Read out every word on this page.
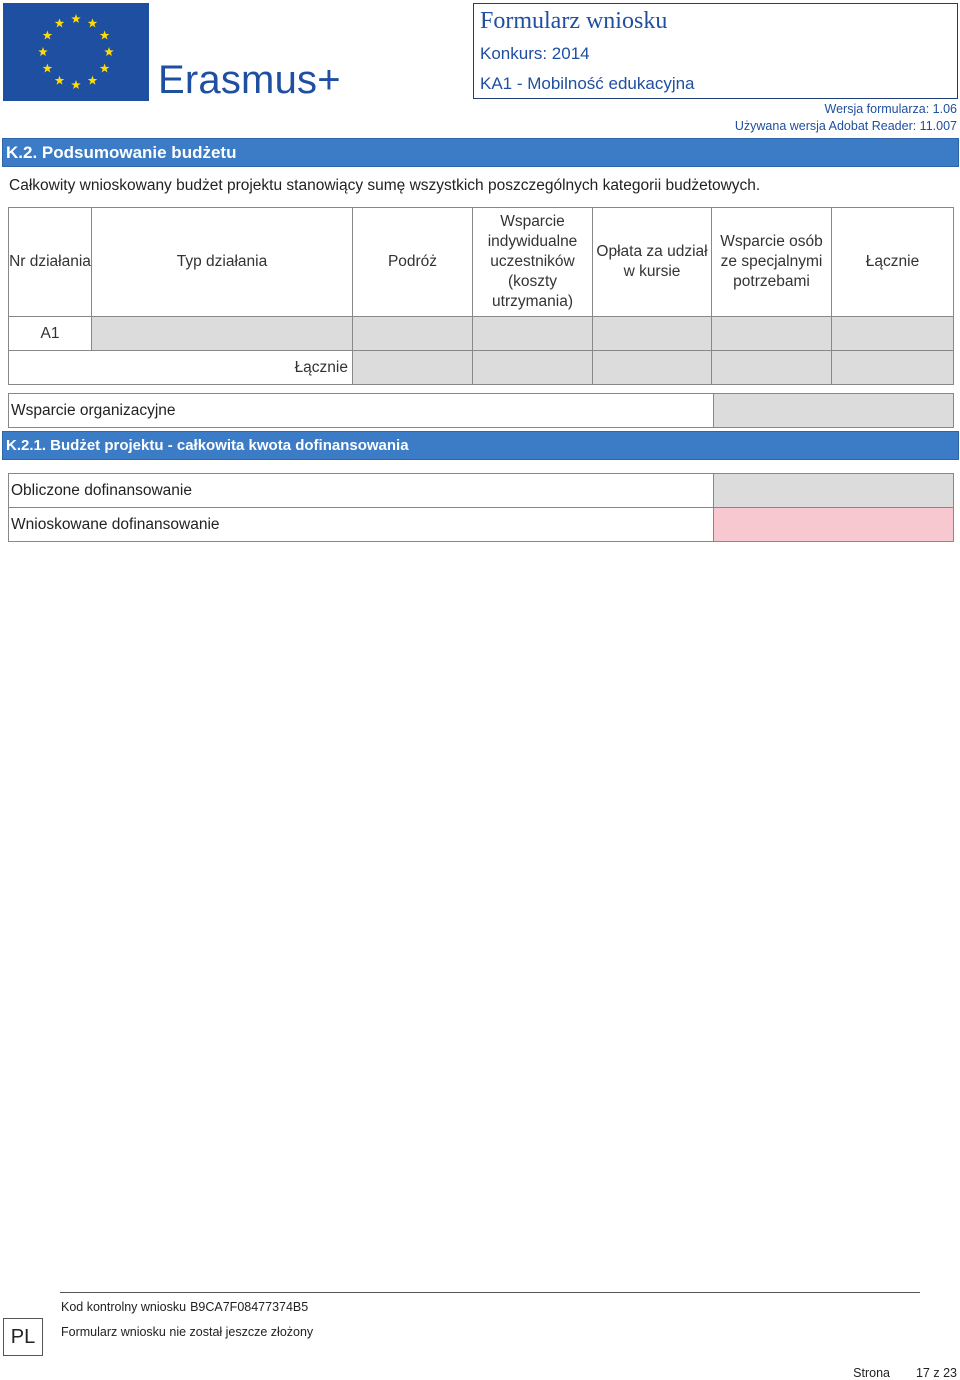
Erasmus+
Formularz wniosku
Konkurs: 2014
KA1 - Mobilność edukacyjna
Wersja formularza: 1.06
Używana wersja Adobat Reader: 11.007
K.2. Podsumowanie budżetu
Całkowity wnioskowany budżet projektu stanowiący sumę wszystkich poszczególnych kategorii budżetowych.
Nr działania	Typ działania	Podróż	Wsparcie indywidualne uczestników (koszty utrzymania)	Opłata za udział w kursie	Wsparcie osób ze specjalnymi potrzebami	Łącznie
A1						
Łącznie						
Wsparcie organizacyjne	
K.2.1. Budżet projektu - całkowita kwota dofinansowania
Obliczone dofinansowanie	
Wnioskowane dofinansowanie	
PL
Kod kontrolny wniosku B9CA7F08477374B5
Formularz wniosku nie został jeszcze złożony
Strona 17 z 23
